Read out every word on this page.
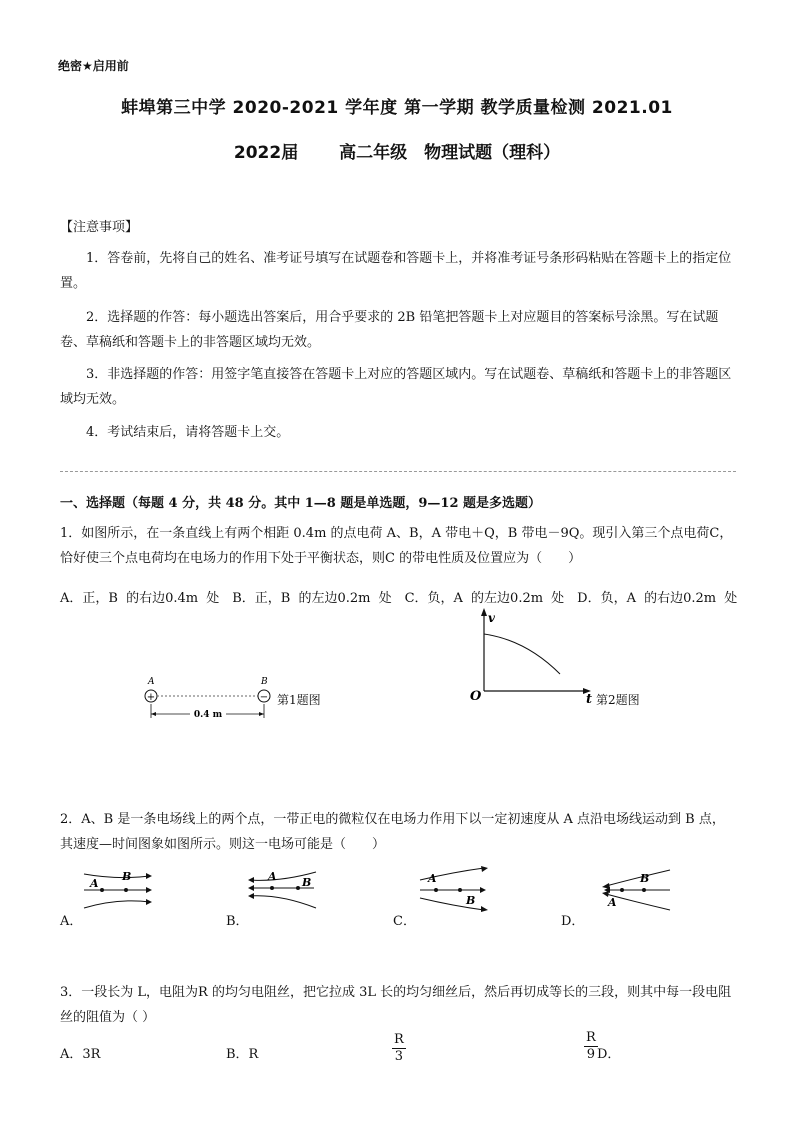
绝密★启用前
蚌埠第三中学 2020-2021 学年度 第一学期 教学质量检测 2021.01
2022届　 高二年级　物理试题（理科）
【注意事项】
1．答卷前，先将自己的姓名、准考证号填写在试题卷和答题卡上，并将准考证号条形码粘贴在答题卡上的指定位置。
2．选择题的作答：每小题选出答案后，用合乎要求的 2B 铅笔把答题卡上对应题目的答案标号涂黑。写在试题卷、草稿纸和答题卡上的非答题区域均无效。
3．非选择题的作答：用签字笔直接答在答题卡上对应的答题区域内。写在试题卷、草稿纸和答题卡上的非答题区域均无效。
4．考试结束后，请将答题卡上交。
一、选择题（每题 4 分，共 48 分。其中 1—8 题是单选题，9—12 题是多选题）
1．如图所示，在一条直线上有两个相距 0.4m 的点电荷 A、B，A 带电＋Q，B 带电－9Q。现引入第三个点电荷C，恰好使三个点电荷均在电场力的作用下处于平衡状态，则C 的带电性质及位置应为（　　）
A．正，B 的右边0.4m 处　B．正，B 的左边0.2m 处　C．负，A 的左边0.2m 处　D．负，A 的右边0.2m 处
A	B
+	−
0.4 m
第1题图
v
O	t 第2题图
2．A、B 是一条电场线上的两个点，一带正电的微粒仅在电场力作用下以一定初速度从 A 点沿电场线运动到 B 点，其速度—时间图象如图所示。则这一电场可能是（　　）
A
B
A．
A B
B．
A
B
C．
B
A
D．
3．一段长为 L，电阻为R 的均匀电阻丝，把它拉成 3L 长的均匀细丝后，然后再切成等长的三段，则其中每一段电阻丝的阻值为（ ）
A．3R	B．R	$\frac{R}{3}$	$\frac{R}{9}$ D．
